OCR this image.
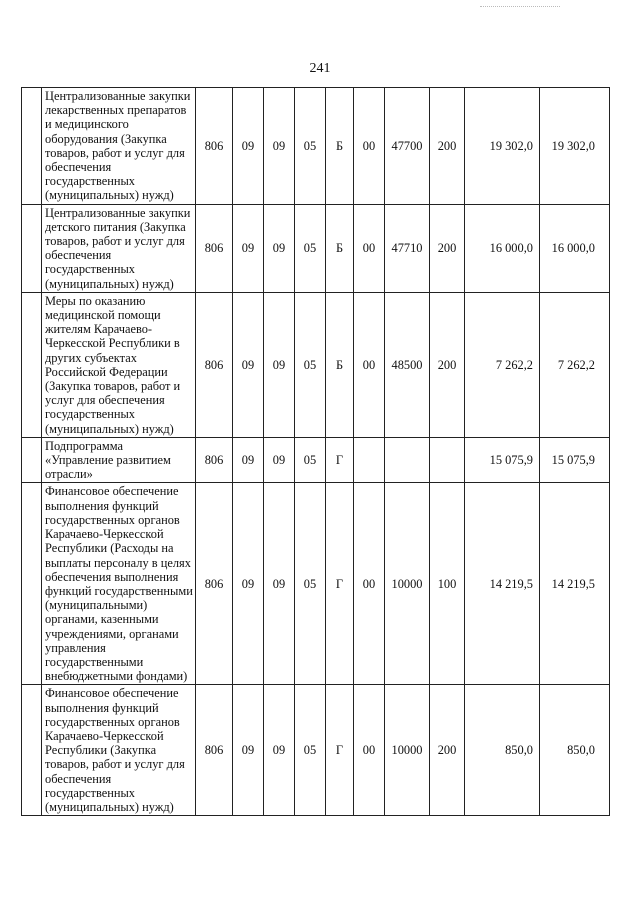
241
	Централизованные закупки лекарственных препаратов и медицинского оборудования (Закупка товаров, работ и услуг для обеспечения государственных (муниципальных) нужд)	806	09	09	05	Б	00	47700	200	19 302,0	19 302,0
	Централизованные закупки детского питания (Закупка товаров, работ и услуг для обеспечения государственных (муниципальных) нужд)	806	09	09	05	Б	00	47710	200	16 000,0	16 000,0
	Меры по оказанию медицинской помощи жителям Карачаево-Черкесской Республики в других субъектах Российской Федерации (Закупка товаров, работ и услуг для обеспечения государственных (муниципальных) нужд)	806	09	09	05	Б	00	48500	200	7 262,2	7 262,2
	Подпрограмма «Управление развитием отрасли»	806	09	09	05	Г				15 075,9	15 075,9
	Финансовое обеспечение выполнения функций государственных органов Карачаево-Черкесской Республики (Расходы на выплаты персоналу в целях обеспечения выполнения функций государственными (муниципальными) органами, казенными учреждениями, органами управления государственными внебюджетными фондами)	806	09	09	05	Г	00	10000	100	14 219,5	14 219,5
	Финансовое обеспечение выполнения функций государственных органов Карачаево-Черкесской Республики (Закупка товаров, работ и услуг для обеспечения государственных (муниципальных) нужд)	806	09	09	05	Г	00	10000	200	850,0	850,0
